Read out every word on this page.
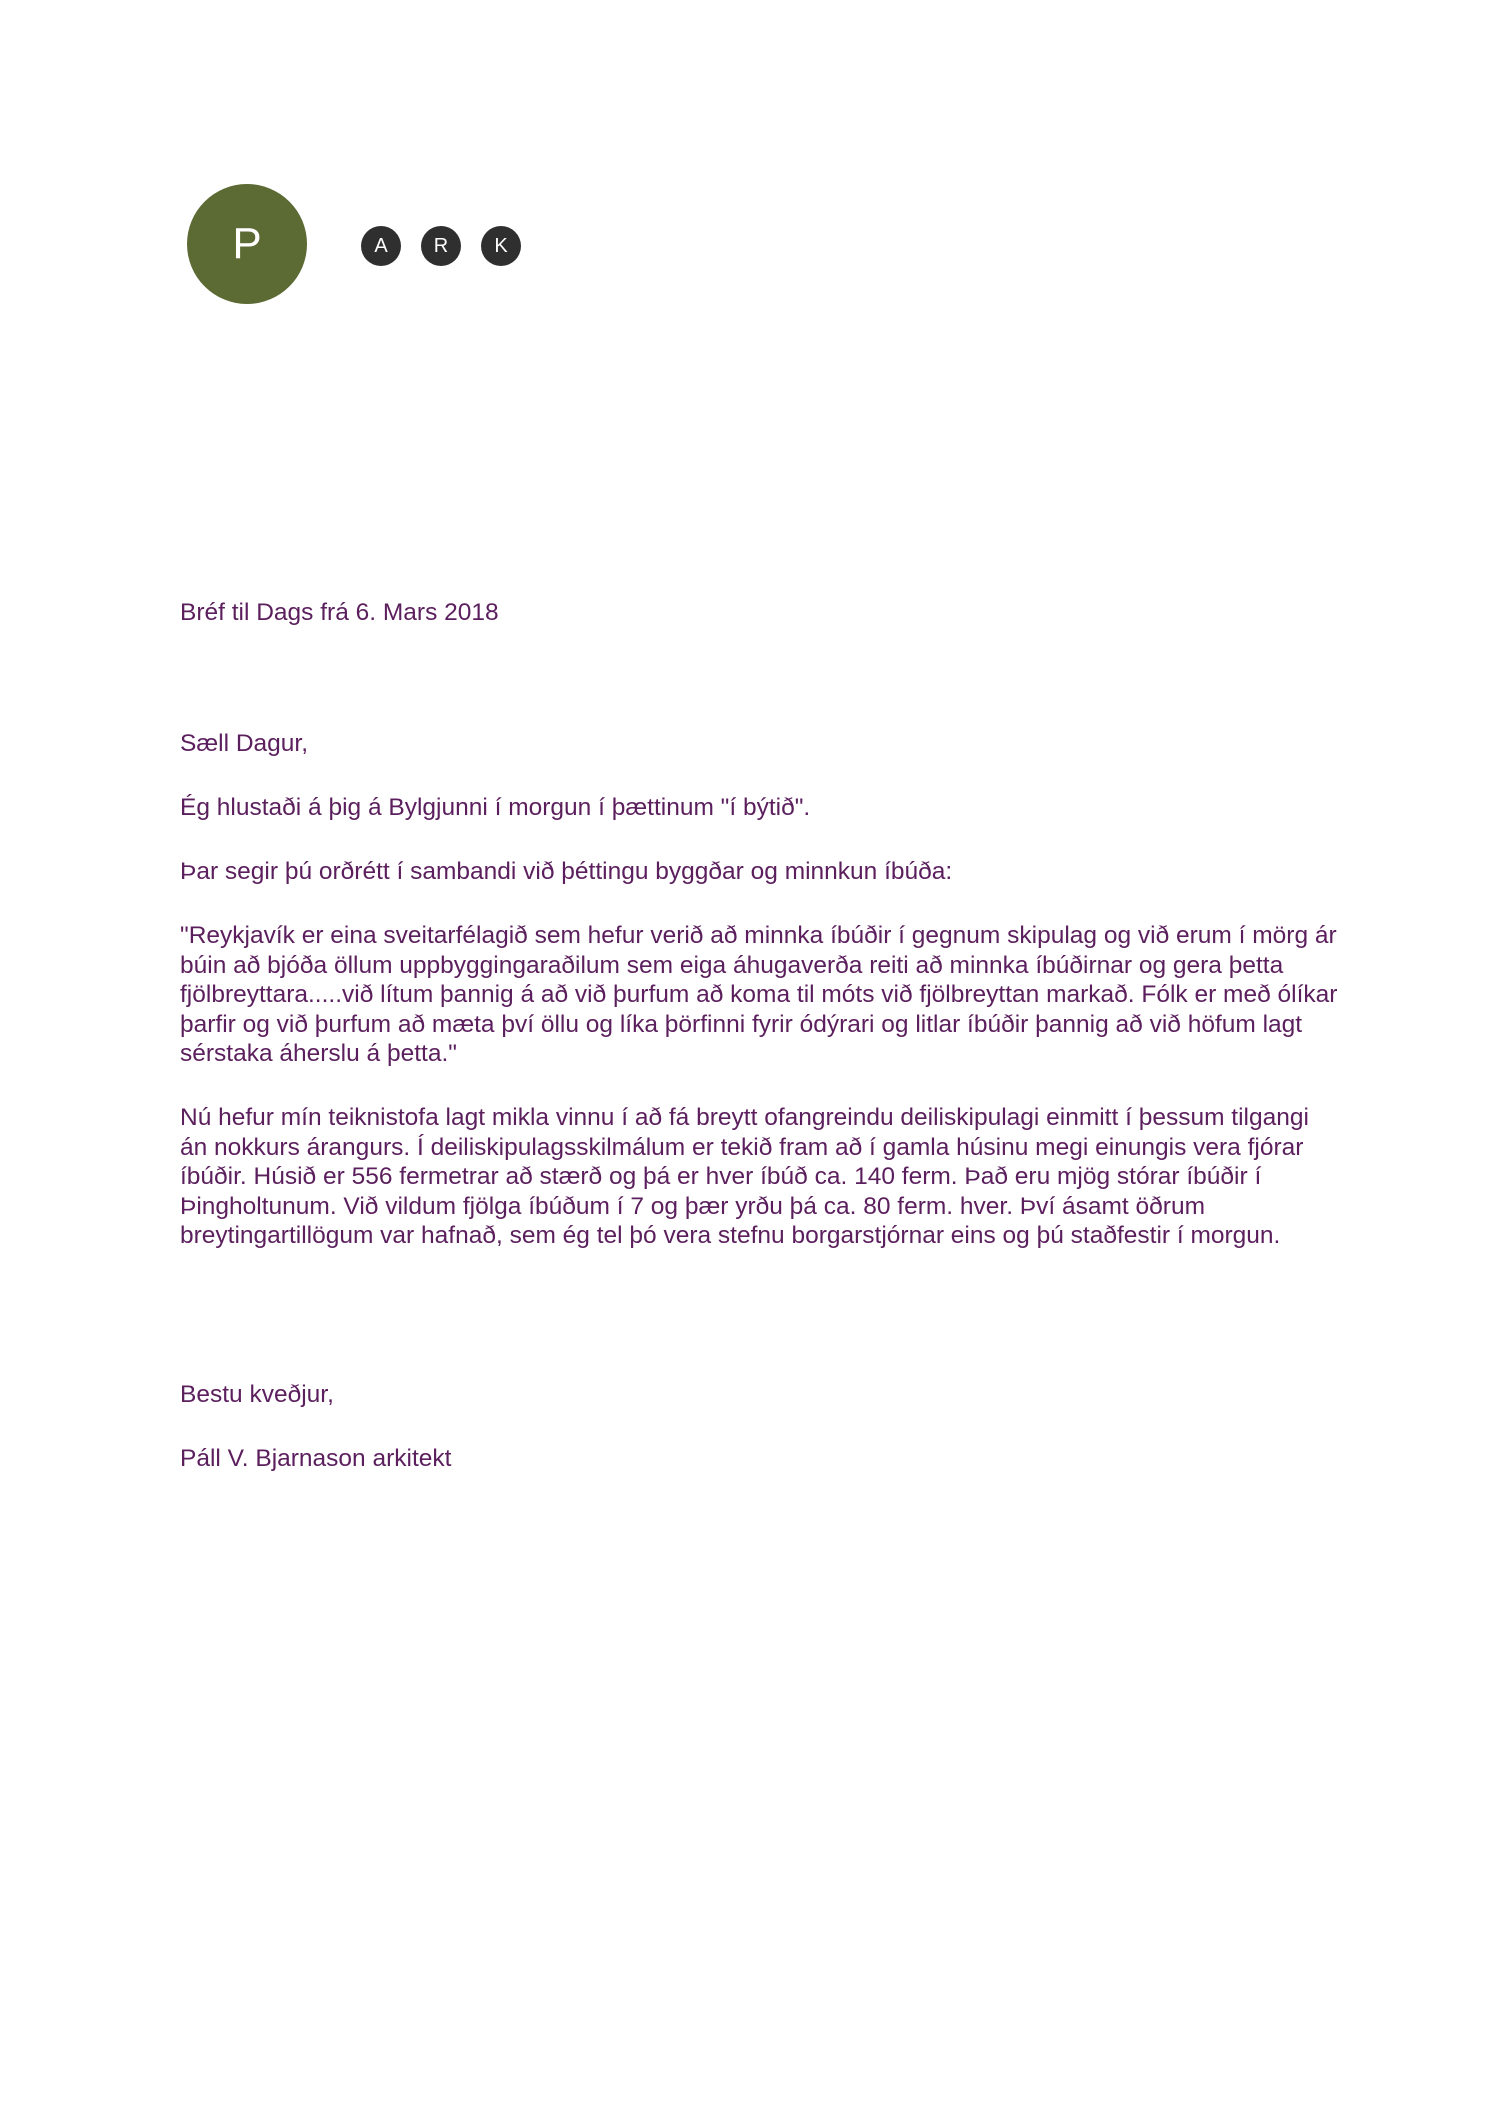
P	A	R	K

Bréf til Dags frá 6. Mars 2018

Sæll Dagur,

Ég hlustaði á þig á Bylgjunni í morgun í þættinum "í býtið".

Þar segir þú orðrétt í sambandi við þéttingu byggðar og minnkun íbúða:

"Reykjavík er eina sveitarfélagið sem hefur verið að minnka íbúðir í gegnum skipulag og við erum í mörg ár búin að bjóða öllum uppbyggingaraðilum sem eiga áhugaverða reiti að minnka íbúðirnar og gera þetta fjölbreyttara.....við lítum þannig á að við þurfum að koma til móts við fjölbreyttan markað. Fólk er með ólíkar þarfir og við þurfum að mæta því öllu og líka þörfinni fyrir ódýrari og litlar íbúðir þannig að við höfum lagt sérstaka áherslu á þetta."

Nú hefur mín teiknistofa lagt mikla vinnu í að fá breytt ofangreindu deiliskipulagi einmitt í þessum tilgangi án nokkurs árangurs. Í deiliskipulagsskilmálum er tekið fram að í gamla húsinu megi einungis vera fjórar íbúðir. Húsið er 556 fermetrar að stærð og þá er hver íbúð ca. 140 ferm. Það eru mjög stórar íbúðir í Þingholtunum. Við vildum fjölga íbúðum í 7 og þær yrðu þá ca. 80 ferm. hver. Því ásamt öðrum breytingartillögum var hafnað, sem ég tel þó vera stefnu borgarstjórnar eins og þú staðfestir í morgun.

Bestu kveðjur,

Páll V. Bjarnason arkitekt
